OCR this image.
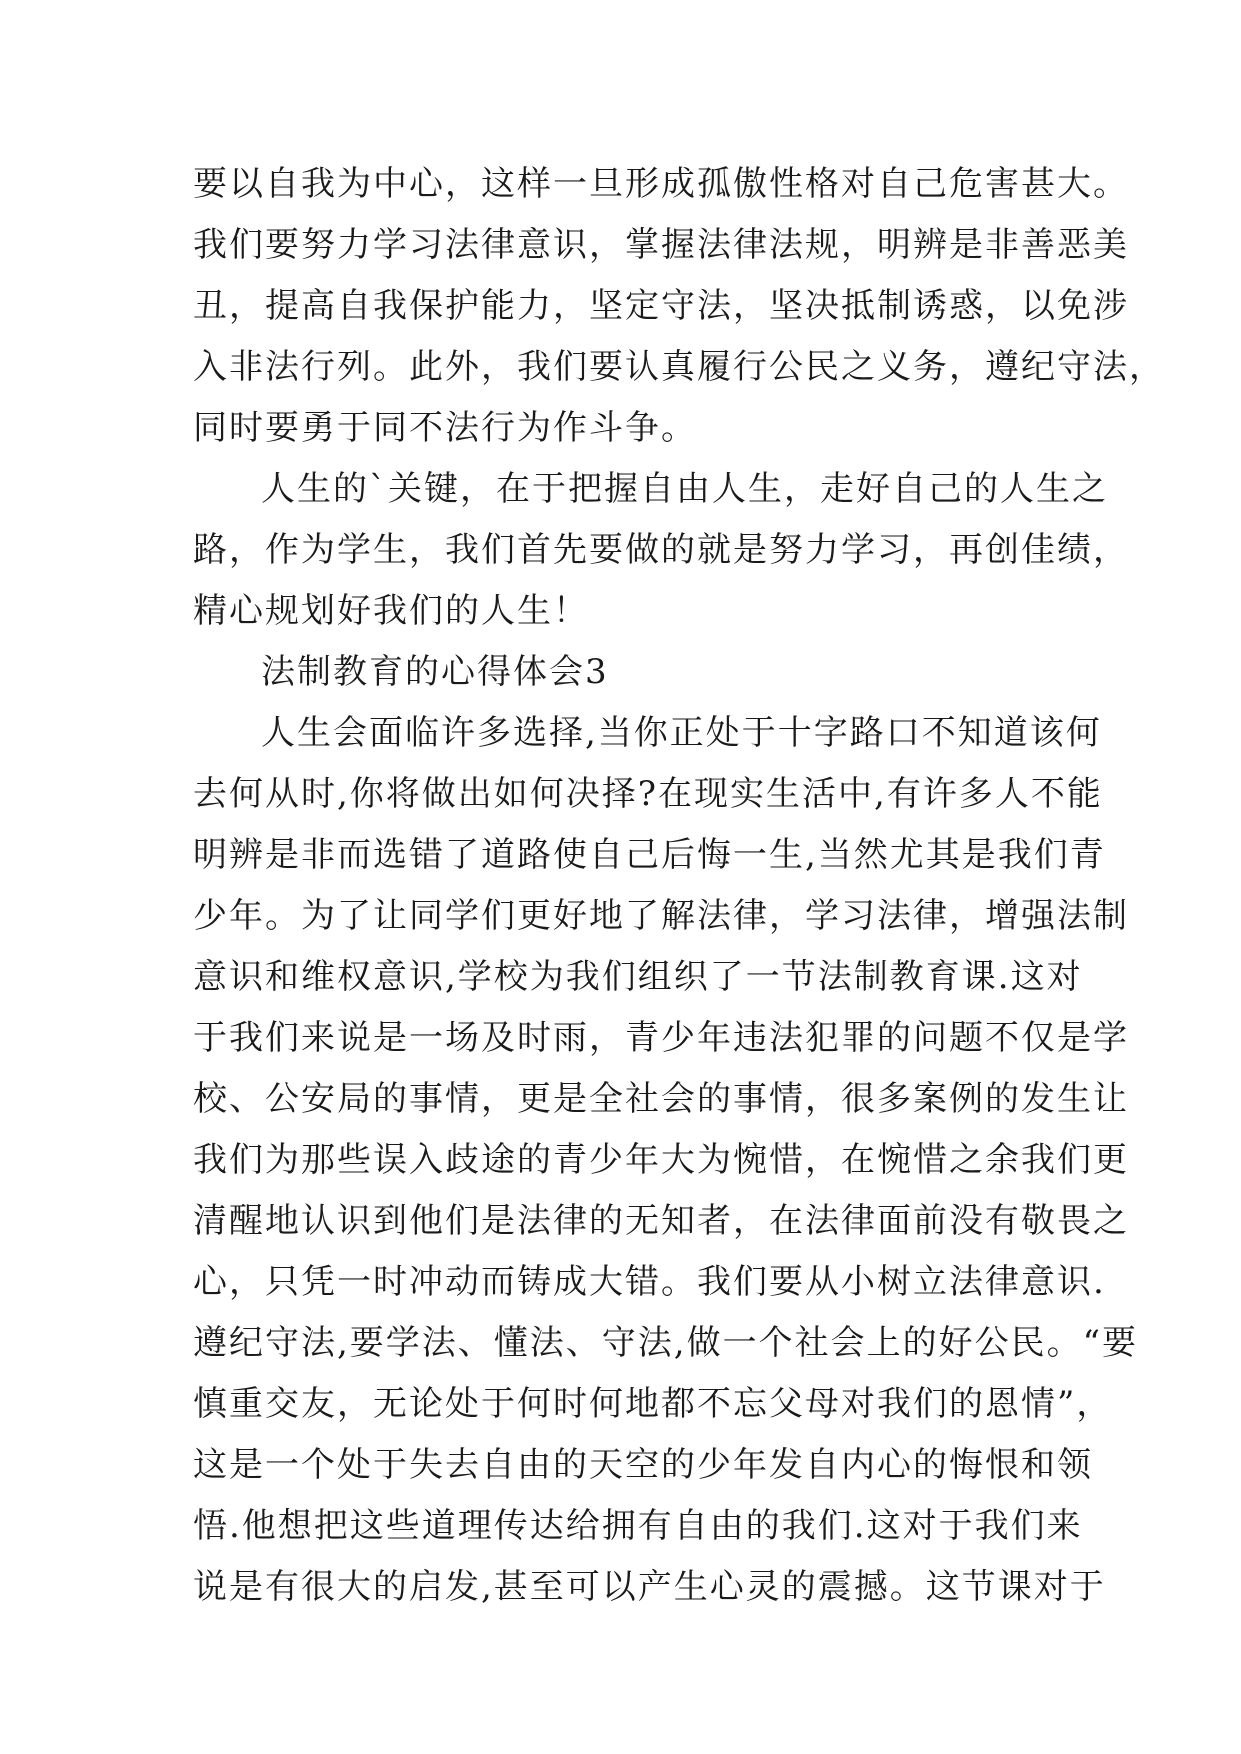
要以自我为中心，这样一旦形成孤傲性格对自己危害甚大。
我们要努力学习法律意识，掌握法律法规，明辨是非善恶美
丑，提高自我保护能力，坚定守法，坚决抵制诱惑，以免涉
入非法行列。此外，我们要认真履行公民之义务，遵纪守法，
同时要勇于同不法行为作斗争。
人生的`关键，在于把握自由人生，走好自己的人生之
路，作为学生，我们首先要做的就是努力学习，再创佳绩，
精心规划好我们的人生！
法制教育的心得体会3
人生会面临许多选择,当你正处于十字路口不知道该何
去何从时,你将做出如何决择?在现实生活中,有许多人不能
明辨是非而选错了道路使自己后悔一生,当然尤其是我们青
少年。为了让同学们更好地了解法律，学习法律，增强法制
意识和维权意识,学校为我们组织了一节法制教育课.这对
于我们来说是一场及时雨，青少年违法犯罪的问题不仅是学
校、公安局的事情，更是全社会的事情，很多案例的发生让
我们为那些误入歧途的青少年大为惋惜，在惋惜之余我们更
清醒地认识到他们是法律的无知者，在法律面前没有敬畏之
心，只凭一时冲动而铸成大错。我们要从小树立法律意识.
遵纪守法,要学法、懂法、守法,做一个社会上的好公民。“要
慎重交友，无论处于何时何地都不忘父母对我们的恩情”，
这是一个处于失去自由的天空的少年发自内心的悔恨和领
悟.他想把这些道理传达给拥有自由的我们.这对于我们来
说是有很大的启发,甚至可以产生心灵的震撼。这节课对于
